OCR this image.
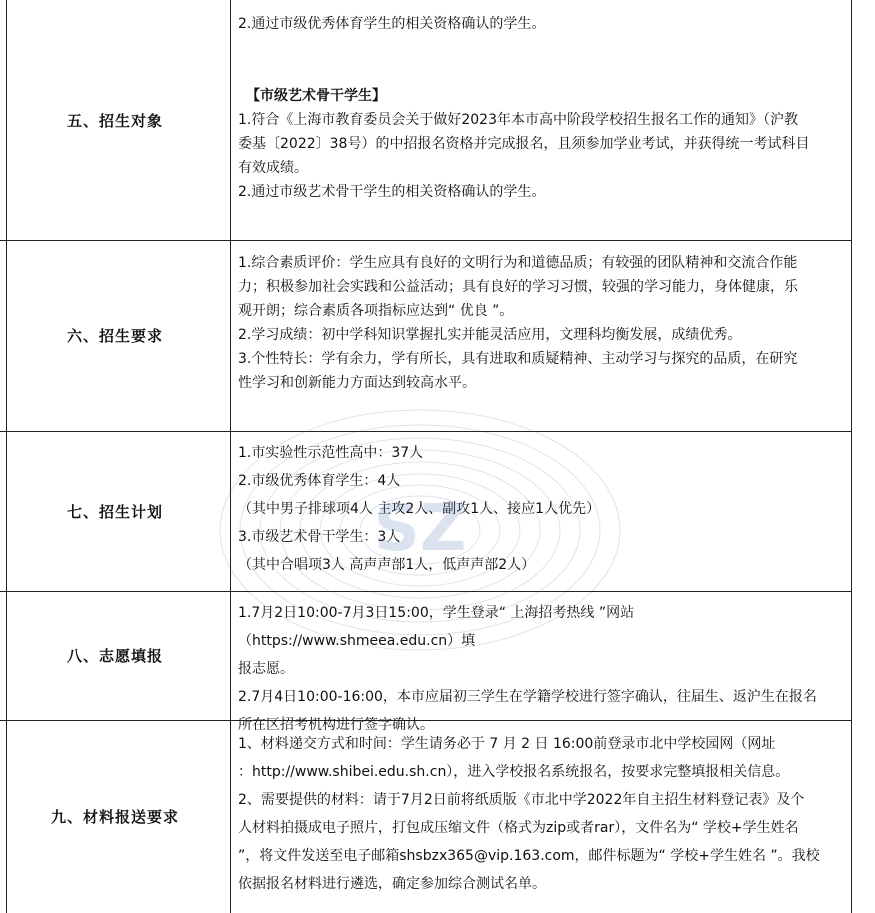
五、招生对象

2.通过市级优秀体育学生的相关资格确认的学生。

【市级艺术骨干学生】

1.符合《上海市教育委员会关于做好2023年本市高中阶段学校招生报名工作的通知》（沪教

委基〔2022〕38号）的中招报名资格并完成报名，且须参加学业考试，并获得统一考试科目

有效成绩。

2.通过市级艺术骨干学生的相关资格确认的学生。

六、招生要求

1.综合素质评价：学生应具有良好的文明行为和道德品质；有较强的团队精神和交流合作能

力；积极参加社会实践和公益活动；具有良好的学习习惯，较强的学习能力，身体健康，乐

观开朗；综合素质各项指标应达到“ 优良 ”。

2.学习成绩：初中学科知识掌握扎实并能灵活应用，文理科均衡发展，成绩优秀。

3.个性特长：学有余力，学有所长，具有进取和质疑精神、主动学习与探究的品质，在研究

性学习和创新能力方面达到较高水平。

七、招生计划

1.市实验性示范性高中：37人

2.市级优秀体育学生：4人

（其中男子排球项4人 主攻2人、副攻1人、接应1人优先）

3.市级艺术骨干学生：3人

（其中合唱项3人 高声声部1人，低声声部2人）

八、志愿填报

1.7月2日10:00-7月3日15:00，学生登录“ 上海招考热线 ”网站（https://www.shmeea.edu.cn）填

报志愿。

2.7月4日10:00-16:00，本市应届初三学生在学籍学校进行签字确认，往届生、返沪生在报名

所在区招考机构进行签字确认。

九、材料报送要求

1、材料递交方式和时间：学生请务必于 7 月 2 日 16:00前登录市北中学校园网（网址

：http://www.shibei.edu.sh.cn），进入学校报名系统报名，按要求完整填报相关信息。

2、需要提供的材料：请于7月2日前将纸质版《市北中学2022年自主招生材料登记表》及个

人材料拍摄成电子照片，打包成压缩文件（格式为zip或者rar），文件名为“ 学校+学生姓名

”，将文件发送至电子邮箱shsbzx365@vip.163.com，邮件标题为“ 学校+学生姓名 ”。我校

依据报名材料进行遴选，确定参加综合测试名单。

SZ
